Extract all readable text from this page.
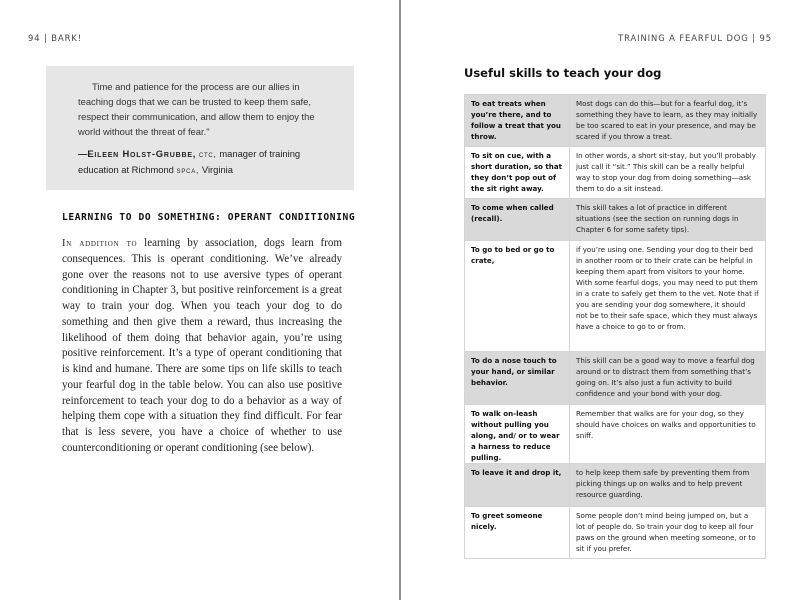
94 | BARK!

Time and patience for the process are our allies in teaching dogs that we can be trusted to keep them safe, respect their communication, and allow them to enjoy the world without the threat of fear."

—Eileen Holst-Grubbe, ctc, manager of training education at Richmond spca, Virginia

LEARNING TO DO SOMETHING: OPERANT CONDITIONING

In addition to learning by association, dogs learn from consequences. This is operant conditioning. We’ve already gone over the reasons not to use aversive types of operant conditioning in Chapter 3, but positive reinforcement is a great way to train your dog. When you teach your dog to do something and then give them a reward, thus increasing the likelihood of them doing that behavior again, you’re using positive reinforcement. It’s a type of operant conditioning that is kind and humane. There are some tips on life skills to teach your fearful dog in the table below. You can also use positive reinforcement to teach your dog to do a behavior as a way of helping them cope with a situation they find difficult. For fear that is less severe, you have a choice of whether to use counterconditioning or operant conditioning (see below).

TRAINING A FEARFUL DOG | 95
Useful skills to teach your dog
To eat treats when you’re there, and to follow a treat that you throw.	Most dogs can do this—but for a fearful dog, it’s something they have to learn, as they may initially be too scared to eat in your presence, and may be scared if you throw a treat.
To sit on cue, with a short duration, so that they don’t pop out of the sit right away.	In other words, a short sit-stay, but you’ll probably just call it “sit.” This skill can be a really helpful way to stop your dog from doing something—ask them to do a sit instead.
To come when called (recall).	This skill takes a lot of practice in different situations (see the section on running dogs in Chapter 6 for some safety tips).
To go to bed or go to crate,	if you’re using one. Sending your dog to their bed in another room or to their crate can be helpful in keeping them apart from visitors to your home. With some fearful dogs, you may need to put them in a crate to safely get them to the vet. Note that if you are sending your dog somewhere, it should not be to their safe space, which they must always have a choice to go to or from.
To do a nose touch to your hand, or similar behavior.	This skill can be a good way to move a fearful dog around or to distract them from something that’s going on. It’s also just a fun activity to build confidence and your bond with your dog.
To walk on-leash without pulling you along, and/ or to wear a harness to reduce pulling.	Remember that walks are for your dog, so they should have choices on walks and opportunities to sniff.
To leave it and drop it,	to help keep them safe by preventing them from picking things up on walks and to help prevent resource guarding.
To greet someone nicely.	Some people don’t mind being jumped on, but a lot of people do. So train your dog to keep all four paws on the ground when meeting someone, or to sit if you prefer.
